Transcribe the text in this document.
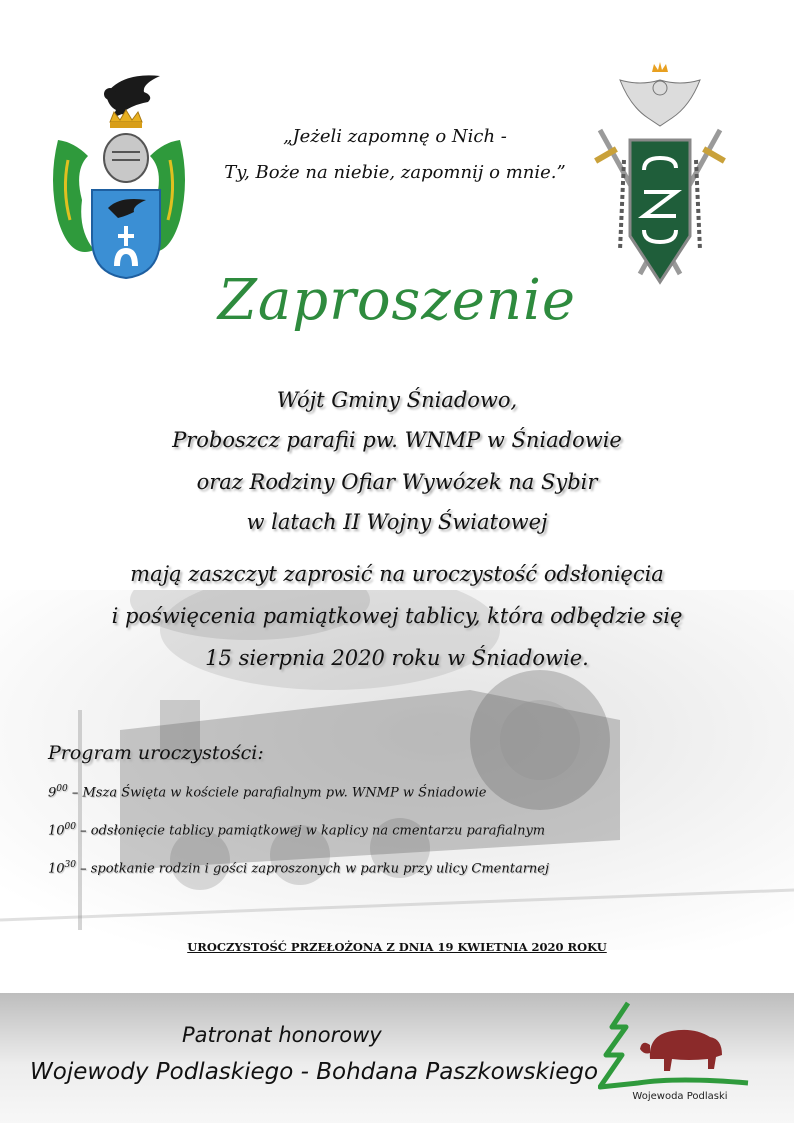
„Jeżeli zapomnę o Nich -
Ty, Boże na niebie, zapomnij o mnie.”
Zaproszenie
Wójt Gminy Śniadowo,
Proboszcz parafii pw. WNMP w Śniadowie
oraz Rodziny Ofiar Wywózek na Sybir
w latach II Wojny Światowej
mają zaszczyt zaprosić na uroczystość odsłonięcia
i poświęcenia pamiątkowej tablicy, która odbędzie się
15 sierpnia 2020 roku w Śniadowie.
Program uroczystości:
$9^{00}$ – Msza Święta w kościele parafialnym pw. WNMP w Śniadowie
$10^{00}$ – odsłonięcie tablicy pamiątkowej w kaplicy na cmentarzu parafialnym
$10^{30}$ – spotkanie rodzin i gości zaproszonych w parku przy ulicy Cmentarnej
UROCZYSTOŚĆ PRZEŁOŻONA Z DNIA 19 KWIETNIA 2020 ROKU
Patronat honorowy
Wojewody Podlaskiego - Bohdana Paszkowskiego
Wojewoda Podlaski
